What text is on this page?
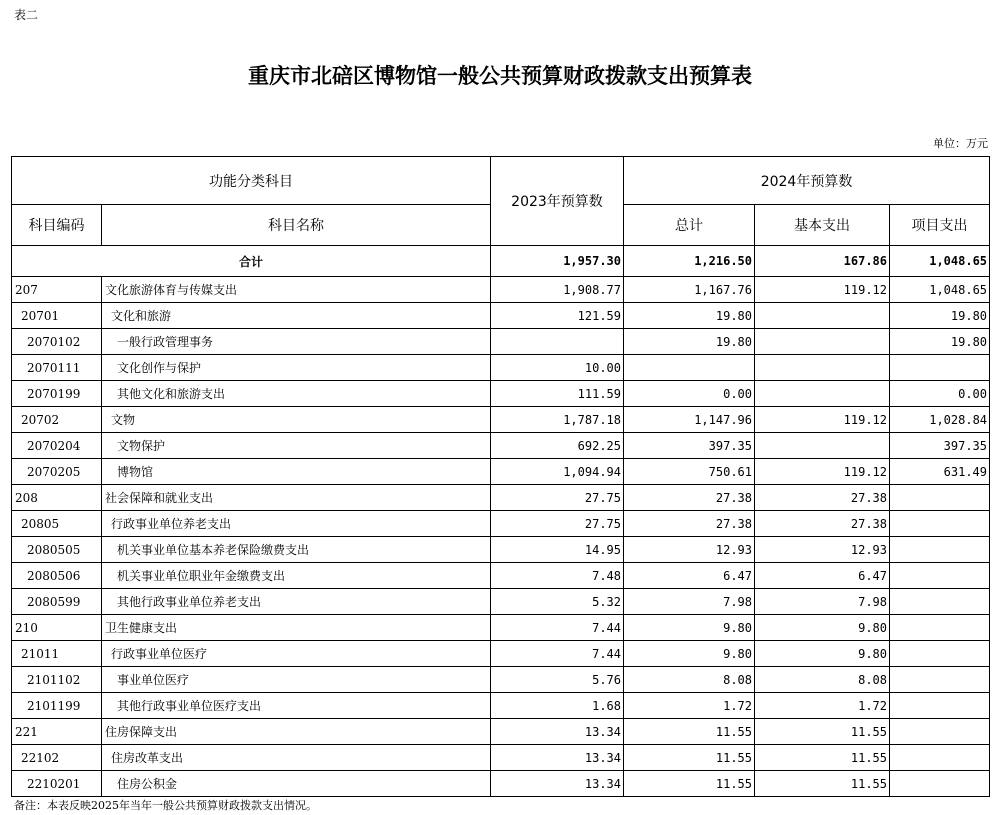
表二
重庆市北碚区博物馆一般公共预算财政拨款支出预算表
单位：万元
功能分类科目		2023年预算数	2024年预算数		
科目编码	科目名称		总计	基本支出	项目支出
合计		1,957.30	1,216.50	167.86	1,048.65
207	文化旅游体育与传媒支出	1,908.77	1,167.76	119.12	1,048.65
20701	文化和旅游	121.59	19.80		19.80
2070102	一般行政管理事务		19.80		19.80
2070111	文化创作与保护	10.00			
2070199	其他文化和旅游支出	111.59	0.00		0.00
20702	文物	1,787.18	1,147.96	119.12	1,028.84
2070204	文物保护	692.25	397.35		397.35
2070205	博物馆	1,094.94	750.61	119.12	631.49
208	社会保障和就业支出	27.75	27.38	27.38	
20805	行政事业单位养老支出	27.75	27.38	27.38	
2080505	机关事业单位基本养老保险缴费支出	14.95	12.93	12.93	
2080506	机关事业单位职业年金缴费支出	7.48	6.47	6.47	
2080599	其他行政事业单位养老支出	5.32	7.98	7.98	
210	卫生健康支出	7.44	9.80	9.80	
21011	行政事业单位医疗	7.44	9.80	9.80	
2101102	事业单位医疗	5.76	8.08	8.08	
2101199	其他行政事业单位医疗支出	1.68	1.72	1.72	
221	住房保障支出	13.34	11.55	11.55	
22102	住房改革支出	13.34	11.55	11.55	
2210201	住房公积金	13.34	11.55	11.55	
备注：本表反映2025年当年一般公共预算财政拨款支出情况。
